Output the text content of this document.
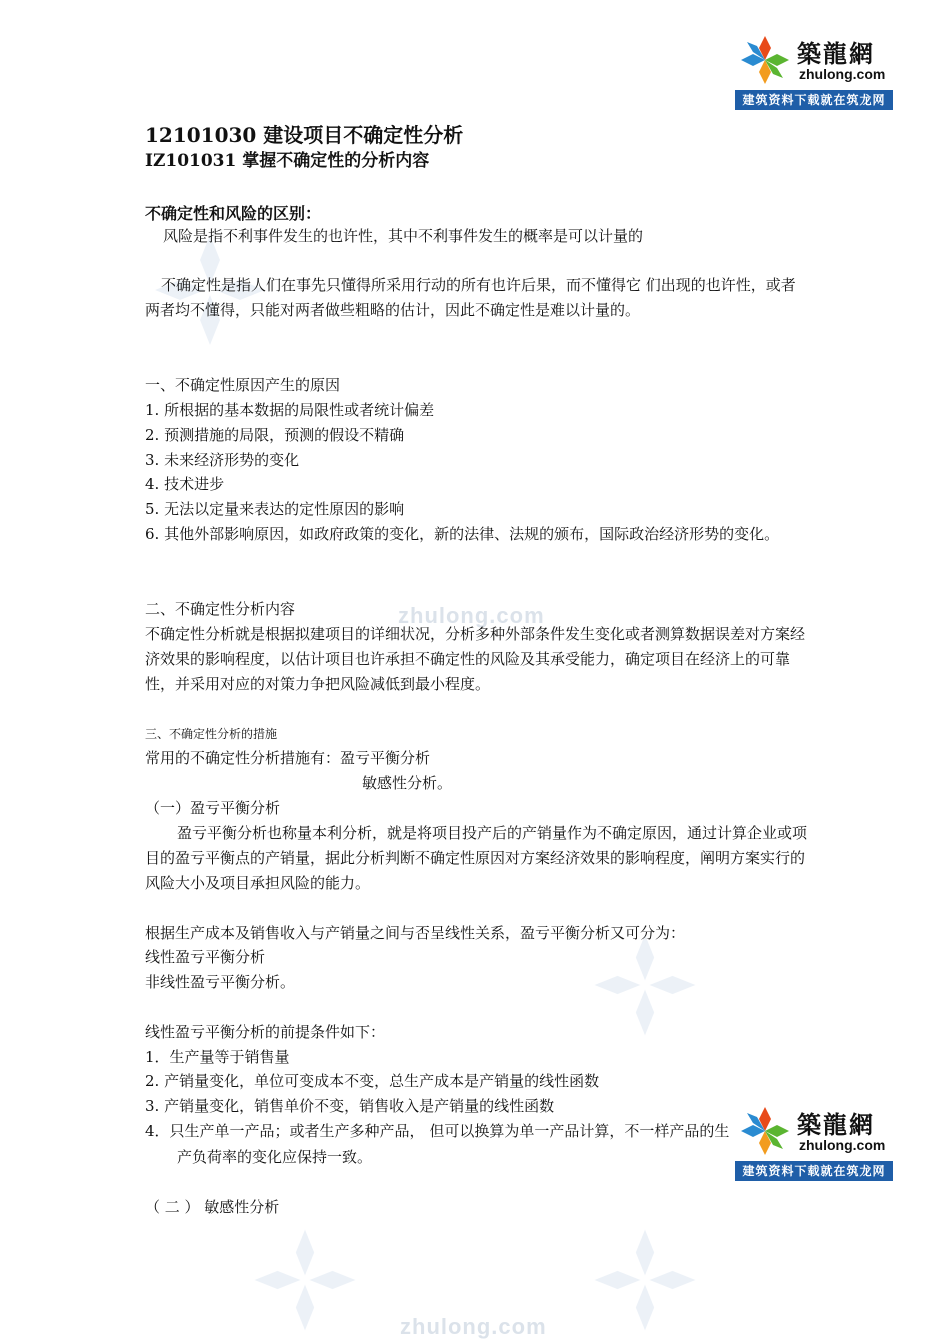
zhulong.com
zhulong.com
築龍網
zhulong.com
建筑资料下载就在筑龙网
築龍網
zhulong.com
建筑资料下载就在筑龙网
12101030 建设项目不确定性分析
IZ101031 掌握不确定性的分析内容
不确定性和风险的区别：
风险是指不利事件发生的也许性，其中不利事件发生的概率是可以计量的
不确定性是指人们在事先只懂得所采用行动的所有也许后果，而不懂得它 们出现的也许性，或者两者均不懂得，只能对两者做些粗略的估计，因此不确定性是难以计量的。
一、不确定性原因产生的原因
1. 所根据的基本数据的局限性或者统计偏差
2. 预测措施的局限，预测的假设不精确
3. 未来经济形势的变化
4. 技术进步
5. 无法以定量来表达的定性原因的影响
6. 其他外部影响原因，如政府政策的变化，新的法律、法规的颁布，国际政治经济形势的变化。
二、不确定性分析内容
不确定性分析就是根据拟建项目的详细状况，分析多种外部条件发生变化或者测算数据误差对方案经济效果的影响程度，以估计项目也许承担不确定性的风险及其承受能力，确定项目在经济上的可靠性，并采用对应的对策力争把风险减低到最小程度。
三、不确定性分析的措施
常用的不确定性分析措施有：盈亏平衡分析
敏感性分析。
（一）盈亏平衡分析
盈亏平衡分析也称量本利分析，就是将项目投产后的产销量作为不确定原因，通过计算企业或项目的盈亏平衡点的产销量，据此分析判断不确定性原因对方案经济效果的影响程度，阐明方案实行的风险大小及项目承担风险的能力。
根据生产成本及销售收入与产销量之间与否呈线性关系，盈亏平衡分析又可分为：
线性盈亏平衡分析
非线性盈亏平衡分析。
线性盈亏平衡分析的前提条件如下：
1．生产量等于销售量
2. 产销量变化，单位可变成本不变，总生产成本是产销量的线性函数
3. 产销量变化，销售单价不变，销售收入是产销量的线性函数
4．只生产单一产品；或者生产多种产品， 但可以换算为单一产品计算，不一样产品的生
产负荷率的变化应保持一致。
（ 二 ） 敏感性分析
